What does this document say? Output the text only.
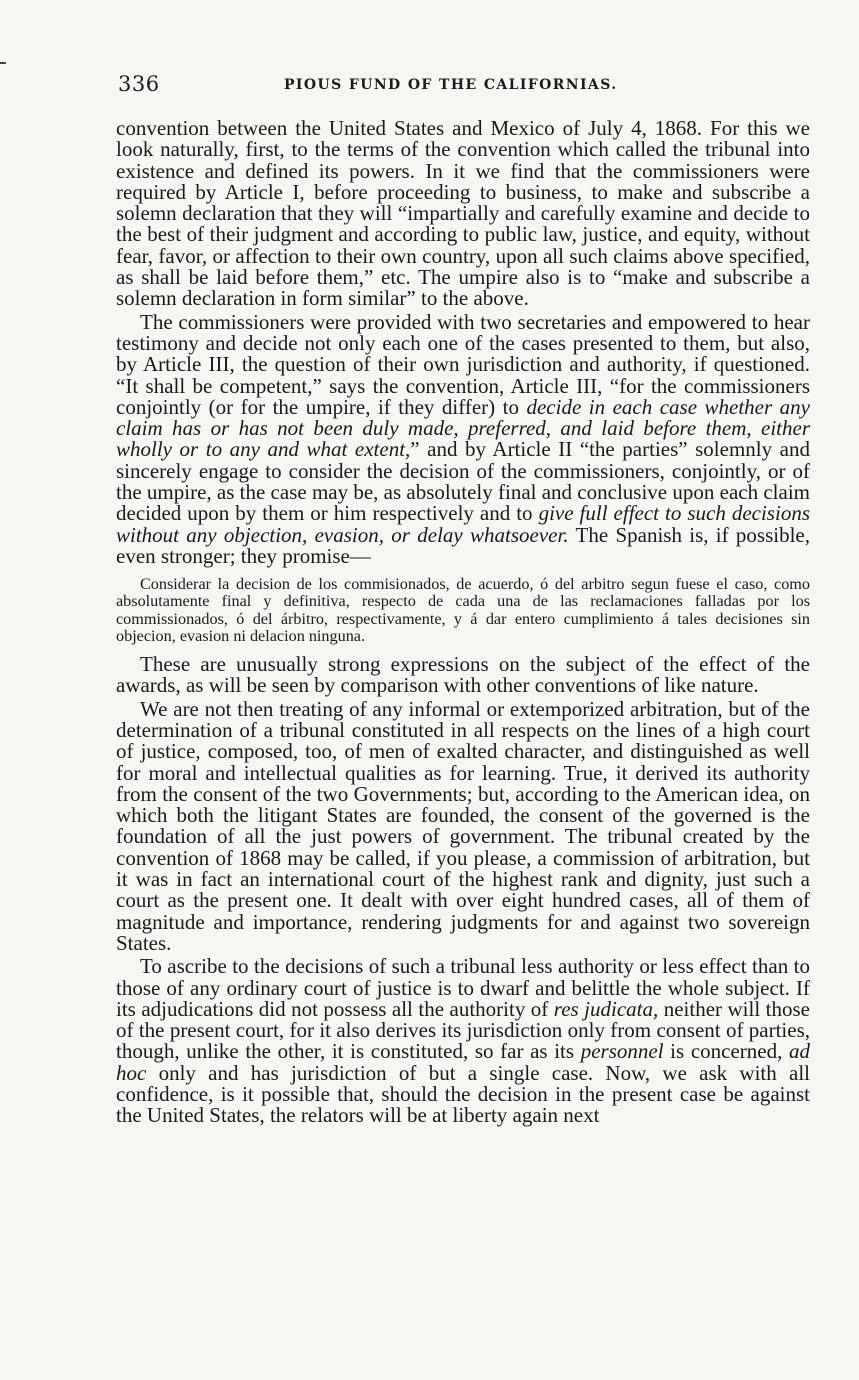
336	PIOUS FUND OF THE CALIFORNIAS.

convention between the United States and Mexico of July 4, 1868. For this we look naturally, first, to the terms of the convention which called the tribunal into existence and defined its powers. In it we find that the commissioners were required by Article I, before proceeding to business, to make and subscribe a solemn declaration that they will “impartially and carefully examine and decide to the best of their judgment and according to public law, justice, and equity, without fear, favor, or affection to their own country, upon all such claims above specified, as shall be laid before them,” etc. The umpire also is to “make and subscribe a solemn declaration in form similar” to the above.

The commissioners were provided with two secretaries and empowered to hear testimony and decide not only each one of the cases presented to them, but also, by Article III, the question of their own jurisdiction and authority, if questioned. “It shall be competent,” says the convention, Article III, “for the commissioners conjointly (or for the umpire, if they differ) to decide in each case whether any claim has or has not been duly made, preferred, and laid before them, either wholly or to any and what extent,” and by Article II “the parties” solemnly and sincerely engage to consider the decision of the commissioners, conjointly, or of the umpire, as the case may be, as absolutely final and conclusive upon each claim decided upon by them or him respectively and to give full effect to such decisions without any objection, evasion, or delay whatsoever. The Spanish is, if possible, even stronger; they promise—

Considerar la decision de los commisionados, de acuerdo, ó del arbitro segun fuese el caso, como absolutamente final y definitiva, respecto de cada una de las reclamaciones falladas por los commissionados, ó del árbitro, respectivamente, y á dar entero cumplimiento á tales decisiones sin objecion, evasion ni delacion ninguna.

These are unusually strong expressions on the subject of the effect of the awards, as will be seen by comparison with other conventions of like nature.

We are not then treating of any informal or extemporized arbitration, but of the determination of a tribunal constituted in all respects on the lines of a high court of justice, composed, too, of men of exalted character, and distinguished as well for moral and intellectual qualities as for learning. True, it derived its authority from the consent of the two Governments; but, according to the American idea, on which both the litigant States are founded, the consent of the governed is the foundation of all the just powers of government. The tribunal created by the convention of 1868 may be called, if you please, a commission of arbitration, but it was in fact an international court of the highest rank and dignity, just such a court as the present one. It dealt with over eight hundred cases, all of them of magnitude and importance, rendering judgments for and against two sovereign States.

To ascribe to the decisions of such a tribunal less authority or less effect than to those of any ordinary court of justice is to dwarf and belittle the whole subject. If its adjudications did not possess all the authority of res judicata, neither will those of the present court, for it also derives its jurisdiction only from consent of parties, though, unlike the other, it is constituted, so far as its personnel is concerned, ad hoc only and has jurisdiction of but a single case. Now, we ask with all confidence, is it possible that, should the decision in the present case be against the United States, the relators will be at liberty again next
